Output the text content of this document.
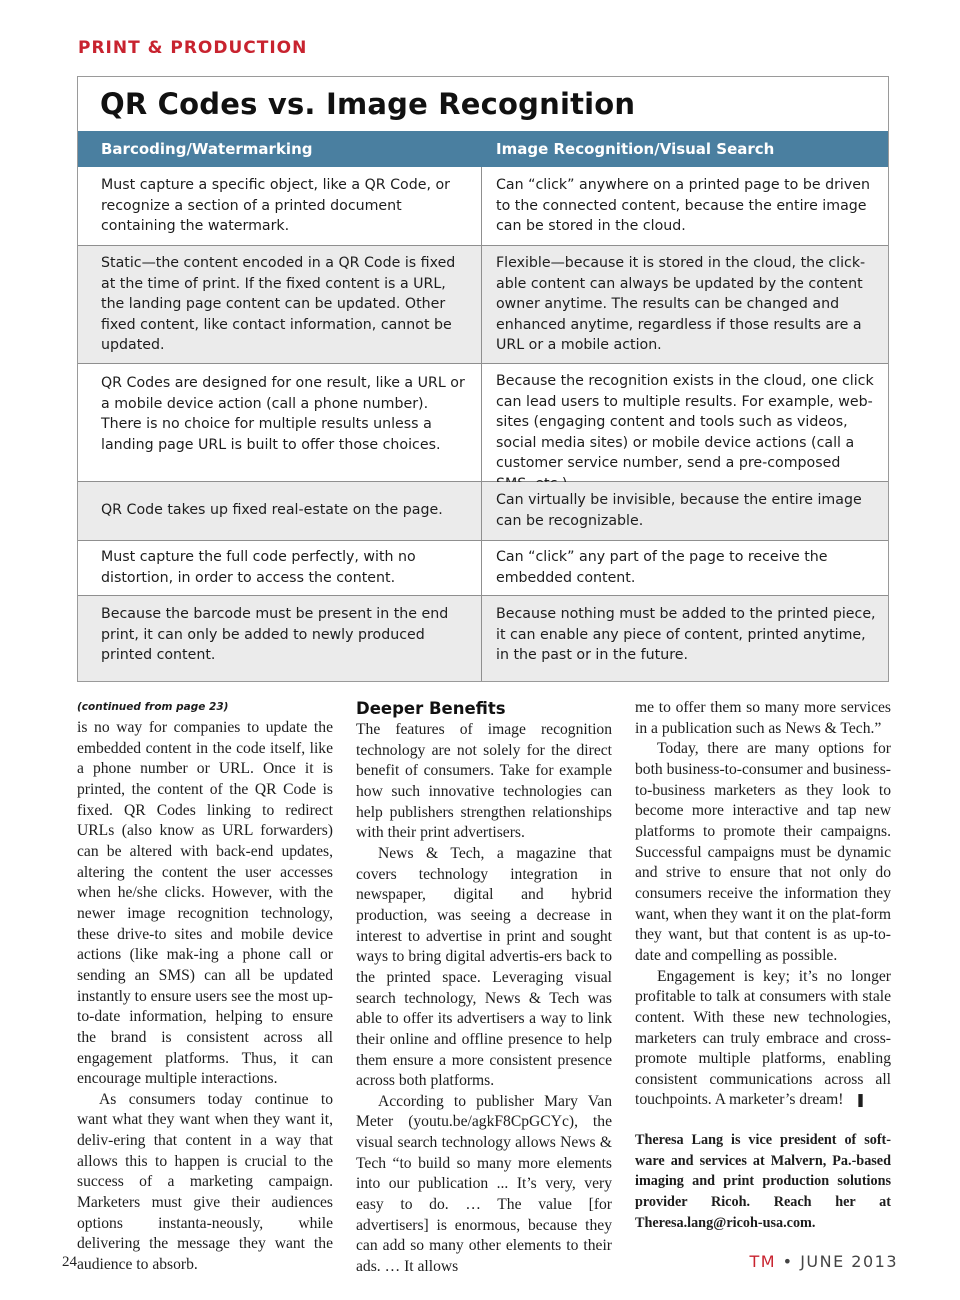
PRINT & PRODUCTION
QR Codes vs. Image Recognition
Barcoding/Watermarking	Image Recognition/Visual Search
Must capture a specific object, like a QR Code, or recognize a section of a printed document containing the watermark.
Can “click” anywhere on a printed page to be driven to the connected content, because the entire image can be stored in the cloud.
Static—the content encoded in a QR Code is fixed at the time of print. If the fixed content is a URL, the landing page content can be updated. Other fixed content, like contact information, cannot be updated.
Flexible—because it is stored in the cloud, the click-able content can always be updated by the content owner anytime. The results can be changed and enhanced anytime, regardless if those results are a URL or a mobile action.
QR Codes are designed for one result, like a URL or a mobile device action (call a phone number). There is no choice for multiple results unless a landing page URL is built to offer those choices.
Because the recognition exists in the cloud, one click can lead users to multiple results. For example, web-sites (engaging content and tools such as videos, social media sites) or mobile device actions (call a customer service number, send a pre-composed
QR Code takes up fixed real-estate on the page.
Can virtually be invisible, because the entire image can be recognizable.
Must capture the full code perfectly, with no distortion, in order to access the content.
Can “click” any part of the page to receive the embedded content.
Because the barcode must be present in the end print, it can only be added to newly produced printed content.
Because nothing must be added to the printed piece, it can enable any piece of content, printed anytime, in the past or in the future.
(continued from page 23)

is no way for companies to update the embedded content in the code itself, like a phone number or URL. Once it is printed, the content of the QR Code is fixed. QR Codes linking to redirect URLs (also know as URL forwarders) can be altered with back-end updates, altering the content the user accesses when he/she clicks. However, with the newer image recognition technology, these drive-to sites and mobile device actions (like mak-ing a phone call or sending an SMS) can all be updated instantly to ensure users see the most up-to-date information, helping to ensure the brand is consistent across all engagement platforms. Thus, it can encourage multiple interactions.

As consumers today continue to want what they want when they want it, deliv-ering that content in a way that allows this to happen is crucial to the success of a marketing campaign. Marketers must give their audiences options instanta-neously, while delivering the message they want the audience to absorb.

Deeper Benefits

The features of image recognition technology are not solely for the direct benefit of consumers. Take for example how such innovative technologies can help publishers strengthen relationships with their print advertisers.

News & Tech, a magazine that covers technology integration in newspaper, digital and hybrid production, was seeing a decrease in interest to advertise in print and sought ways to bring digital advertis-ers back to the printed space. Leveraging visual search technology, News & Tech was able to offer its advertisers a way to link their online and offline presence to help them ensure a more consistent presence across both platforms.

According to publisher Mary Van Meter (youtu.be/agkF8CpGCYc), the visual search technology allows News & Tech “to build so many more elements into our publication ... It’s very, very easy to do. … The value [for advertisers] is enormous, because they can add so many other elements to their ads. … It allows

me to offer them so many more services in a publication such as News & Tech.”

Today, there are many options for both business-to-consumer and business-to-business marketers as they look to become more interactive and tap new platforms to promote their campaigns. Successful campaigns must be dynamic and strive to ensure that not only do consumers receive the information they want, when they want it on the plat-form they want, but that content is as up-to-date and compelling as possible.

Engagement is key; it’s no longer profitable to talk at consumers with stale content. With these new technologies, marketers can truly embrace and cross-promote multiple platforms, enabling consistent communications across all touchpoints. A marketer’s dream! ❚

Theresa Lang is vice president of soft-ware and services at Malvern, Pa.-based imaging and print production solutions provider Ricoh. Reach her at Theresa.lang@ricoh-usa.com.

24	TM • JUNE 2013
